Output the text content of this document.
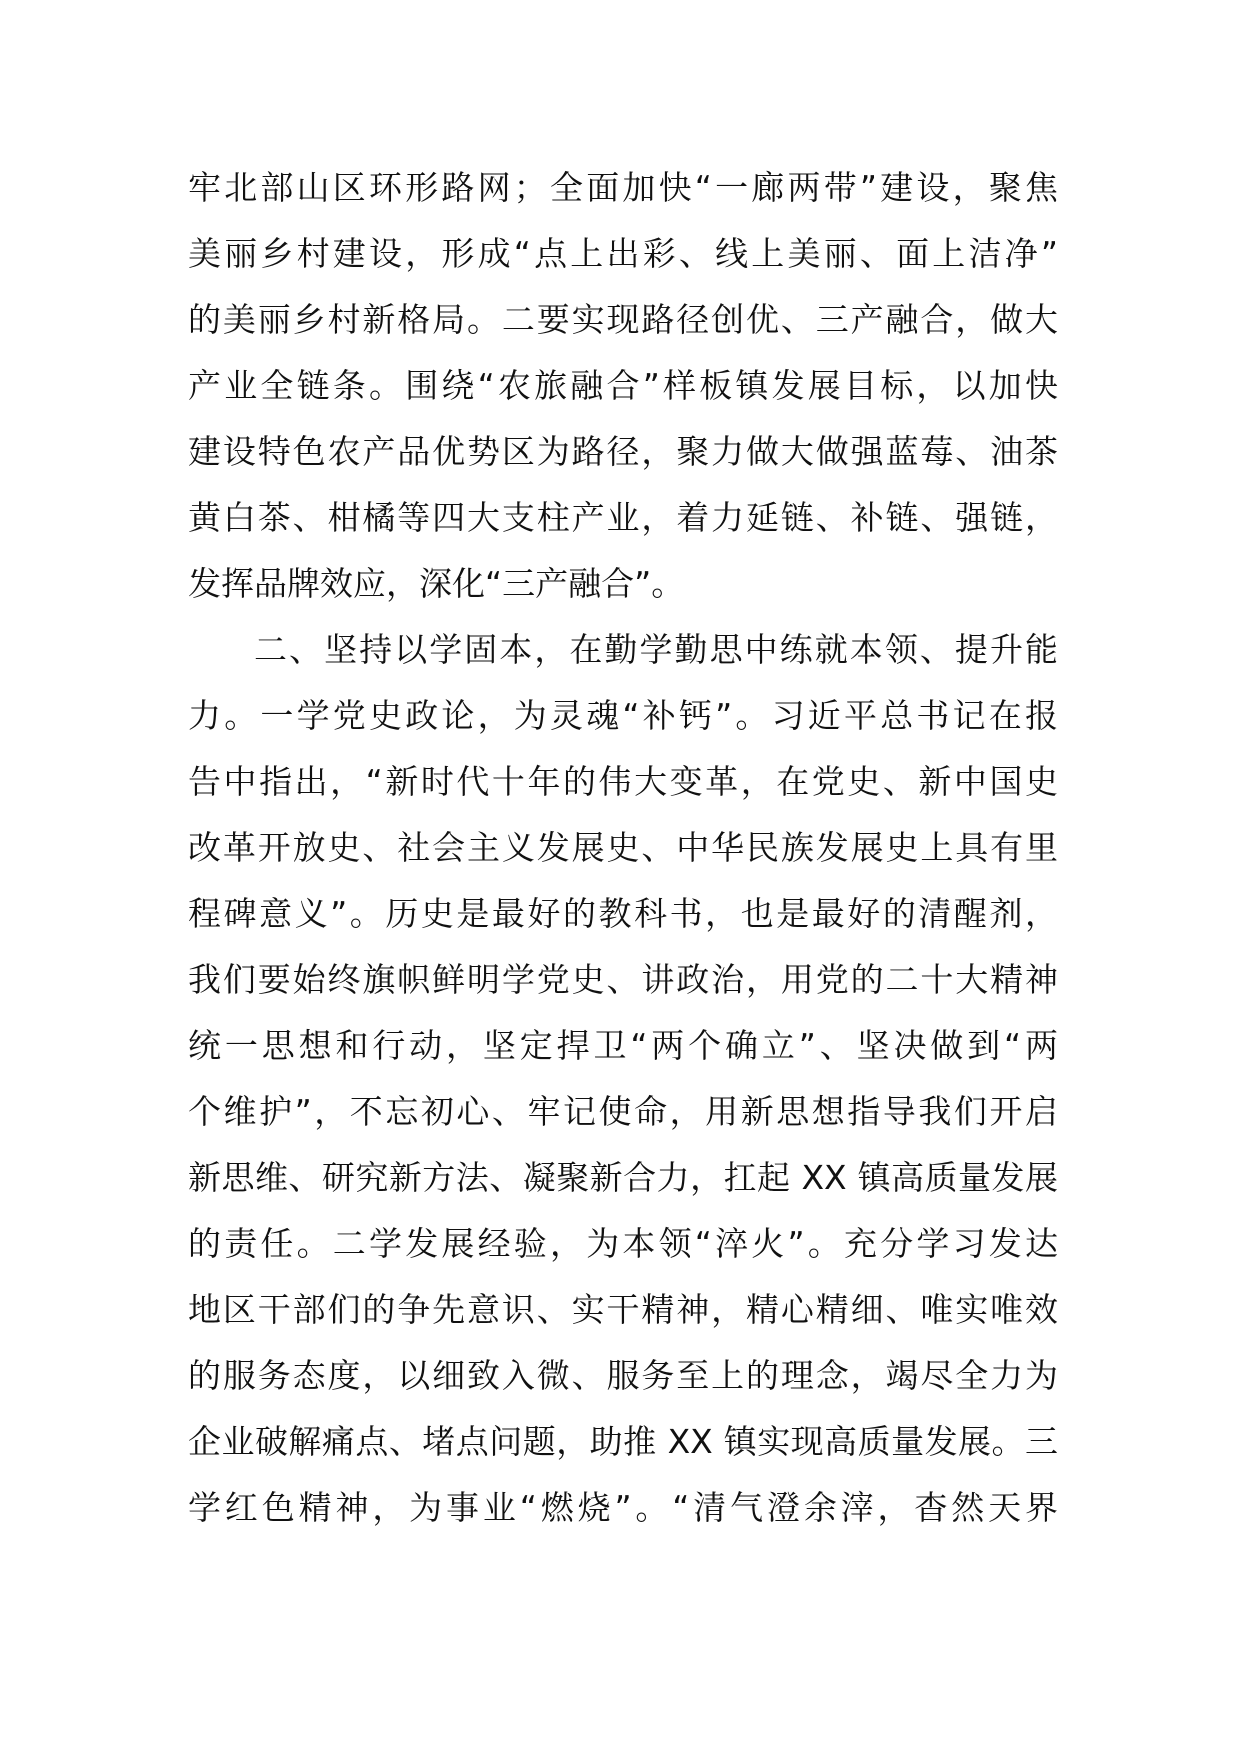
牢北部山区环形路网；全面加快“一廊两带”建设，聚焦
美丽乡村建设，形成“点上出彩、线上美丽、面上洁净”
的美丽乡村新格局。二要实现路径创优、三产融合，做大
产业全链条。围绕“农旅融合”样板镇发展目标，以加快
建设特色农产品优势区为路径，聚力做大做强蓝莓、油茶
黄白茶、柑橘等四大支柱产业，着力延链、补链、强链，
发挥品牌效应，深化“三产融合”。
二、坚持以学固本，在勤学勤思中练就本领、提升能
力。一学党史政论，为灵魂“补钙”。习近平总书记在报
告中指出，“新时代十年的伟大变革，在党史、新中国史
改革开放史、社会主义发展史、中华民族发展史上具有里
程碑意义”。历史是最好的教科书，也是最好的清醒剂，
我们要始终旗帜鲜明学党史、讲政治，用党的二十大精神
统一思想和行动，坚定捍卫“两个确立”、坚决做到“两
个维护”，不忘初心、牢记使命，用新思想指导我们开启
新思维、研究新方法、凝聚新合力，扛起 XX 镇高质量发展
的责任。二学发展经验，为本领“淬火”。充分学习发达
地区干部们的争先意识、实干精神，精心精细、唯实唯效
的服务态度，以细致入微、服务至上的理念，竭尽全力为
企业破解痛点、堵点问题，助推 XX 镇实现高质量发展。三
学红色精神，为事业“燃烧”。“清气澄余滓，杳然天界
